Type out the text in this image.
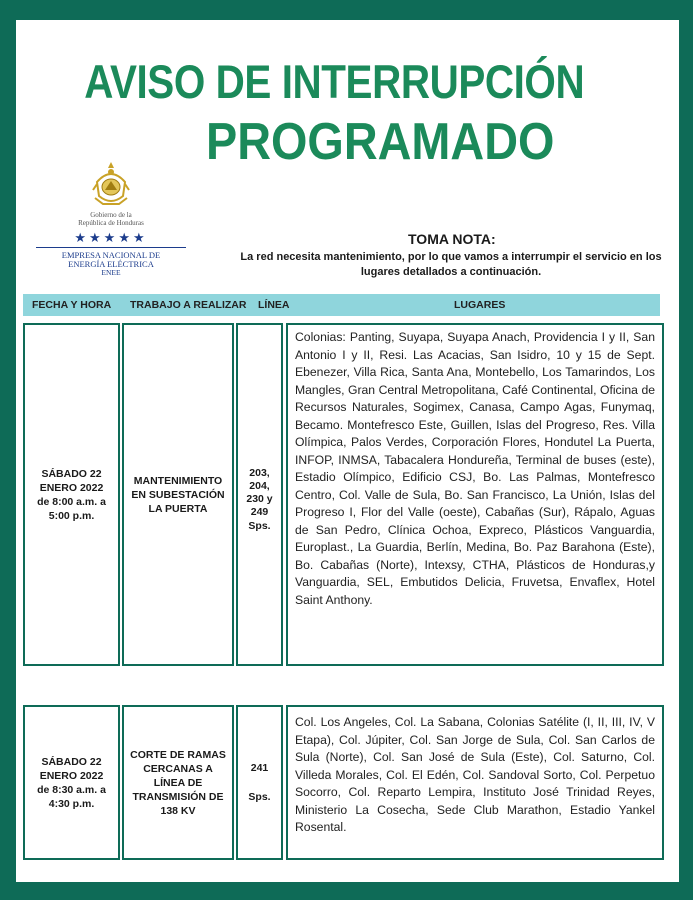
AVISO DE INTERRUPCIÓN
PROGRAMADO
Gobierno de la
República de Honduras
★★★★★
EMPRESA NACIONAL DE
ENERGÍA ELÉCTRICA
ENEE
TOMA NOTA:
La red necesita mantenimiento, por lo que vamos a interrumpir el servicio en los lugares detallados a continuación.
FECHA Y HORA TRABAJO A REALIZAR LÍNEA	LUGARES
SÁBADO 22 ENERO 2022 de 8:00 a.m. a 5:00 p.m.
MANTENIMIENTO EN SUBESTACIÓN LA PUERTA
203, 204, 230 y 249
Sps.
Colonias: Panting, Suyapa, Suyapa Anach, Providencia I y II, San Antonio I y II, Resi. Las Acacias, San Isidro, 10 y 15 de Sept. Ebenezer, Villa Rica, Santa Ana, Montebello, Los Tamarindos, Los Mangles, Gran Central Metropolitana, Café Continental, Oficina de Recursos Naturales, Sogimex, Canasa, Campo Agas, Funymaq, Becamo. Montefresco Este, Guillen, Islas del Progreso, Res. Villa Olímpica, Palos Verdes, Corporación Flores, Hondutel La Puerta, INFOP, INMSA, Tabacalera Hondureña, Terminal de buses (este), Estadio Olímpico, Edificio CSJ, Bo. Las Palmas, Montefresco Centro, Col. Valle de Sula, Bo. San Francisco, La Unión, Islas del Progreso I, Flor del Valle (oeste), Cabañas (Sur), Rápalo, Aguas de San Pedro, Clínica Ochoa, Expreco, Plásticos Vanguardia, Europlast., La Guardia, Berlín, Medina, Bo. Paz Barahona (Este), Bo. Cabañas (Norte), Intexsy, CTHA, Plásticos de Honduras,y Vanguardia, SEL, Embutidos Delicia, Fruvetsa, Envaflex, Hotel Saint Anthony.
SÁBADO 22 ENERO 2022 de 8:30 a.m. a 4:30 p.m.
CORTE DE RAMAS CERCANAS A LÍNEA DE TRANSMISIÓN DE 138 KV
241
Sps.
Col. Los Angeles, Col. La Sabana, Colonias Satélite (I, II, III, IV, V Etapa), Col. Júpiter, Col. San Jorge de Sula, Col. San Carlos de Sula (Norte), Col. San José de Sula (Este), Col. Saturno, Col. Villeda Morales, Col. El Edén, Col. Sandoval Sorto, Col. Perpetuo Socorro, Col. Reparto Lempira, Instituto José Trinidad Reyes, Ministerio La Cosecha, Sede Club Marathon, Estadio Yankel Rosental.
